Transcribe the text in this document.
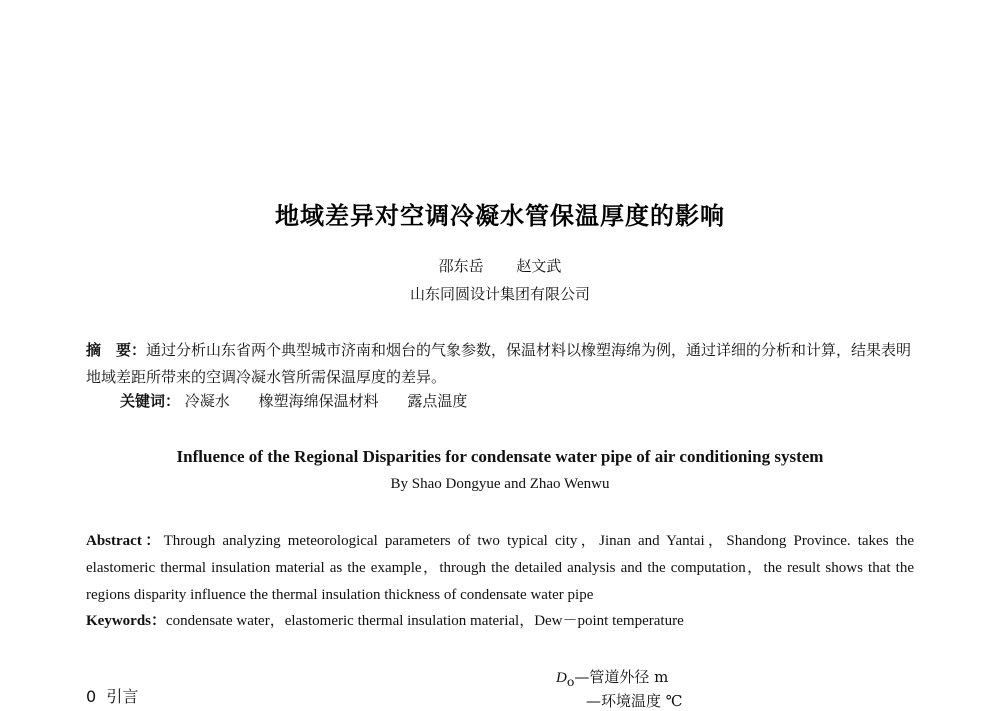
地域差异对空调冷凝水管保温厚度的影响
邵东岳 赵文武
山东同圆设计集团有限公司
摘　要：通过分析山东省两个典型城市济南和烟台的气象参数，保温材料以橡塑海绵为例，通过详细的分析和计算，结果表明地域差距所带来的空调冷凝水管所需保温厚度的差异。
关键词： 冷凝水 橡塑海绵保温材料 露点温度
Influence of the Regional Disparities for condensate water pipe of air conditioning system
By Shao Dongyue and Zhao Wenwu
Abstract：Through analyzing meteorological parameters of two typical city，Jinan and Yantai，Shandong Province. takes the elastomeric thermal insulation material as the example，through the detailed analysis and the computation，the result shows that the regions disparity influence the thermal insulation thickness of condensate water pipe
Keywords：condensate water，elastomeric thermal insulation material，Dew－point temperature
0 引言
$D_o—$管道外径 m
—环境温度 ℃
